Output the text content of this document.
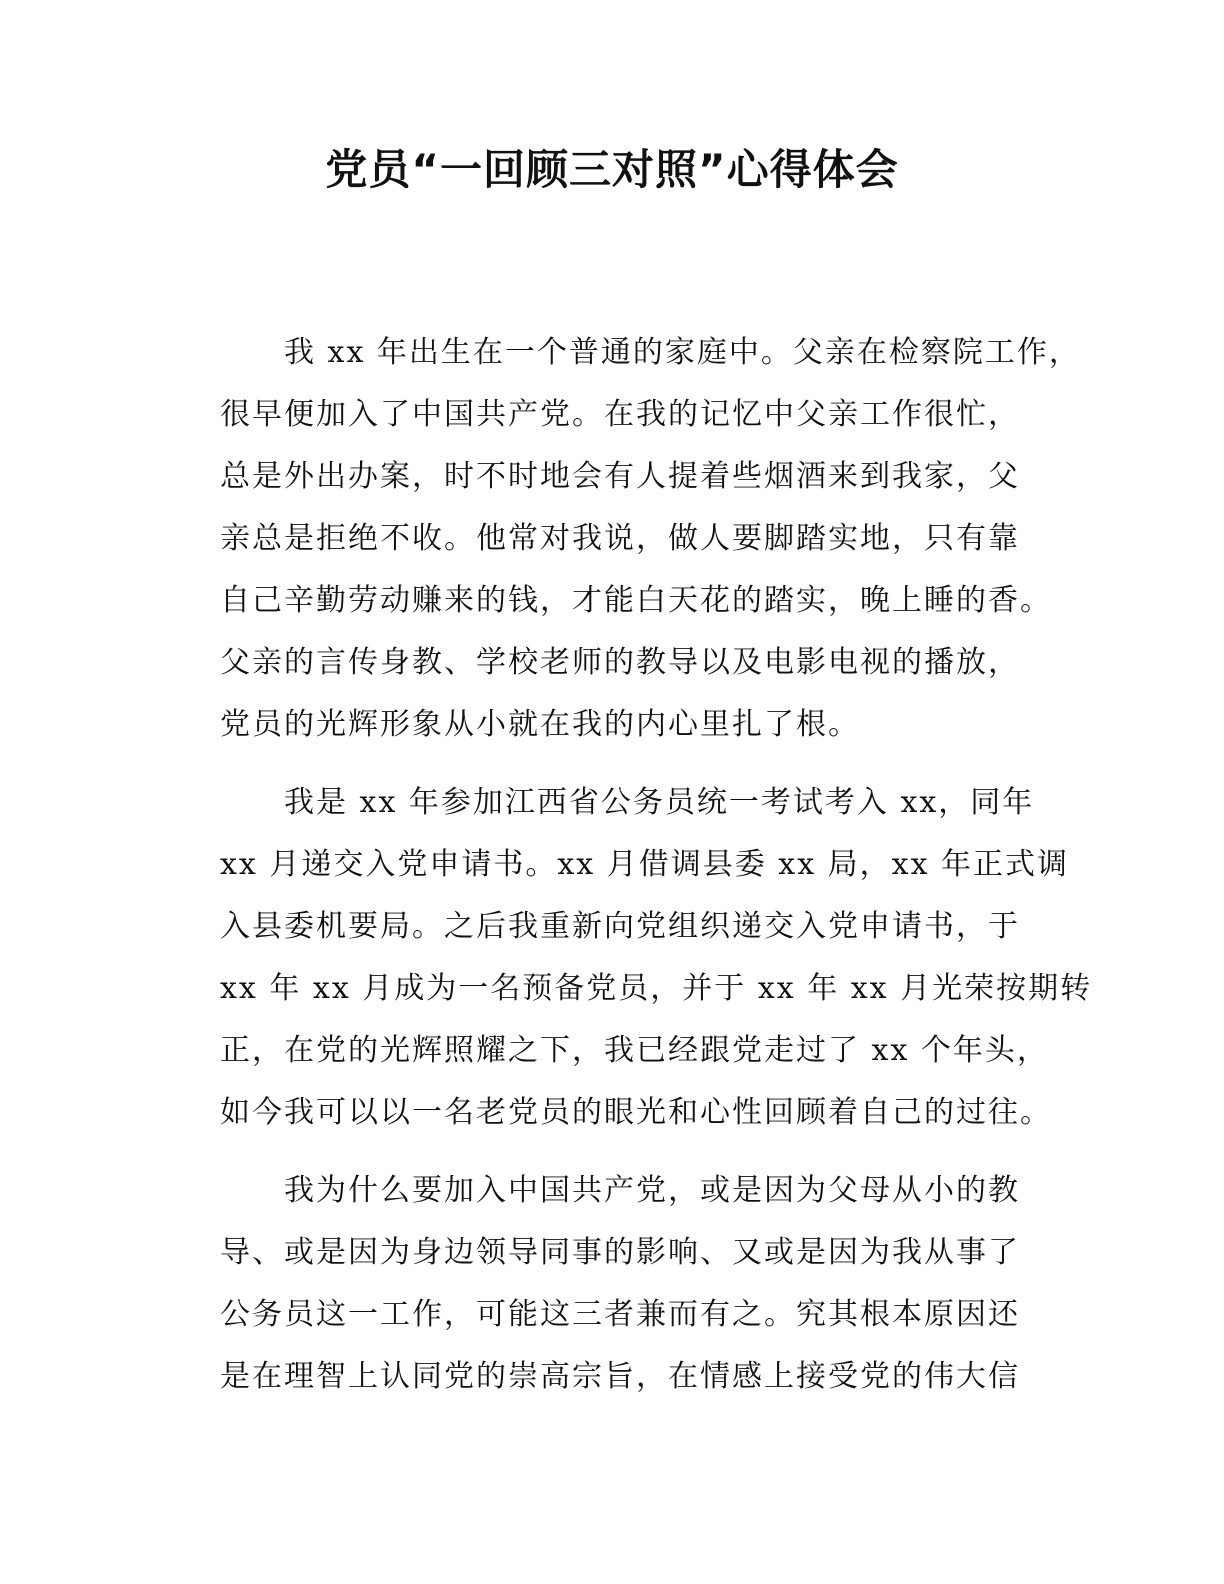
党员“一回顾三对照”心得体会
我 xx 年出生在一个普通的家庭中。父亲在检察院工作，
很早便加入了中国共产党。在我的记忆中父亲工作很忙，
总是外出办案，时不时地会有人提着些烟酒来到我家，父
亲总是拒绝不收。他常对我说，做人要脚踏实地，只有靠
自己辛勤劳动赚来的钱，才能白天花的踏实，晚上睡的香。
父亲的言传身教、学校老师的教导以及电影电视的播放，
党员的光辉形象从小就在我的内心里扎了根。
我是 xx 年参加江西省公务员统一考试考入 xx，同年
xx 月递交入党申请书。xx 月借调县委 xx 局，xx 年正式调
入县委机要局。之后我重新向党组织递交入党申请书，于
xx 年 xx 月成为一名预备党员，并于 xx 年 xx 月光荣按期转
正，在党的光辉照耀之下，我已经跟党走过了 xx 个年头，
如今我可以以一名老党员的眼光和心性回顾着自己的过往。
我为什么要加入中国共产党，或是因为父母从小的教
导、或是因为身边领导同事的影响、又或是因为我从事了
公务员这一工作，可能这三者兼而有之。究其根本原因还
是在理智上认同党的崇高宗旨，在情感上接受党的伟大信
